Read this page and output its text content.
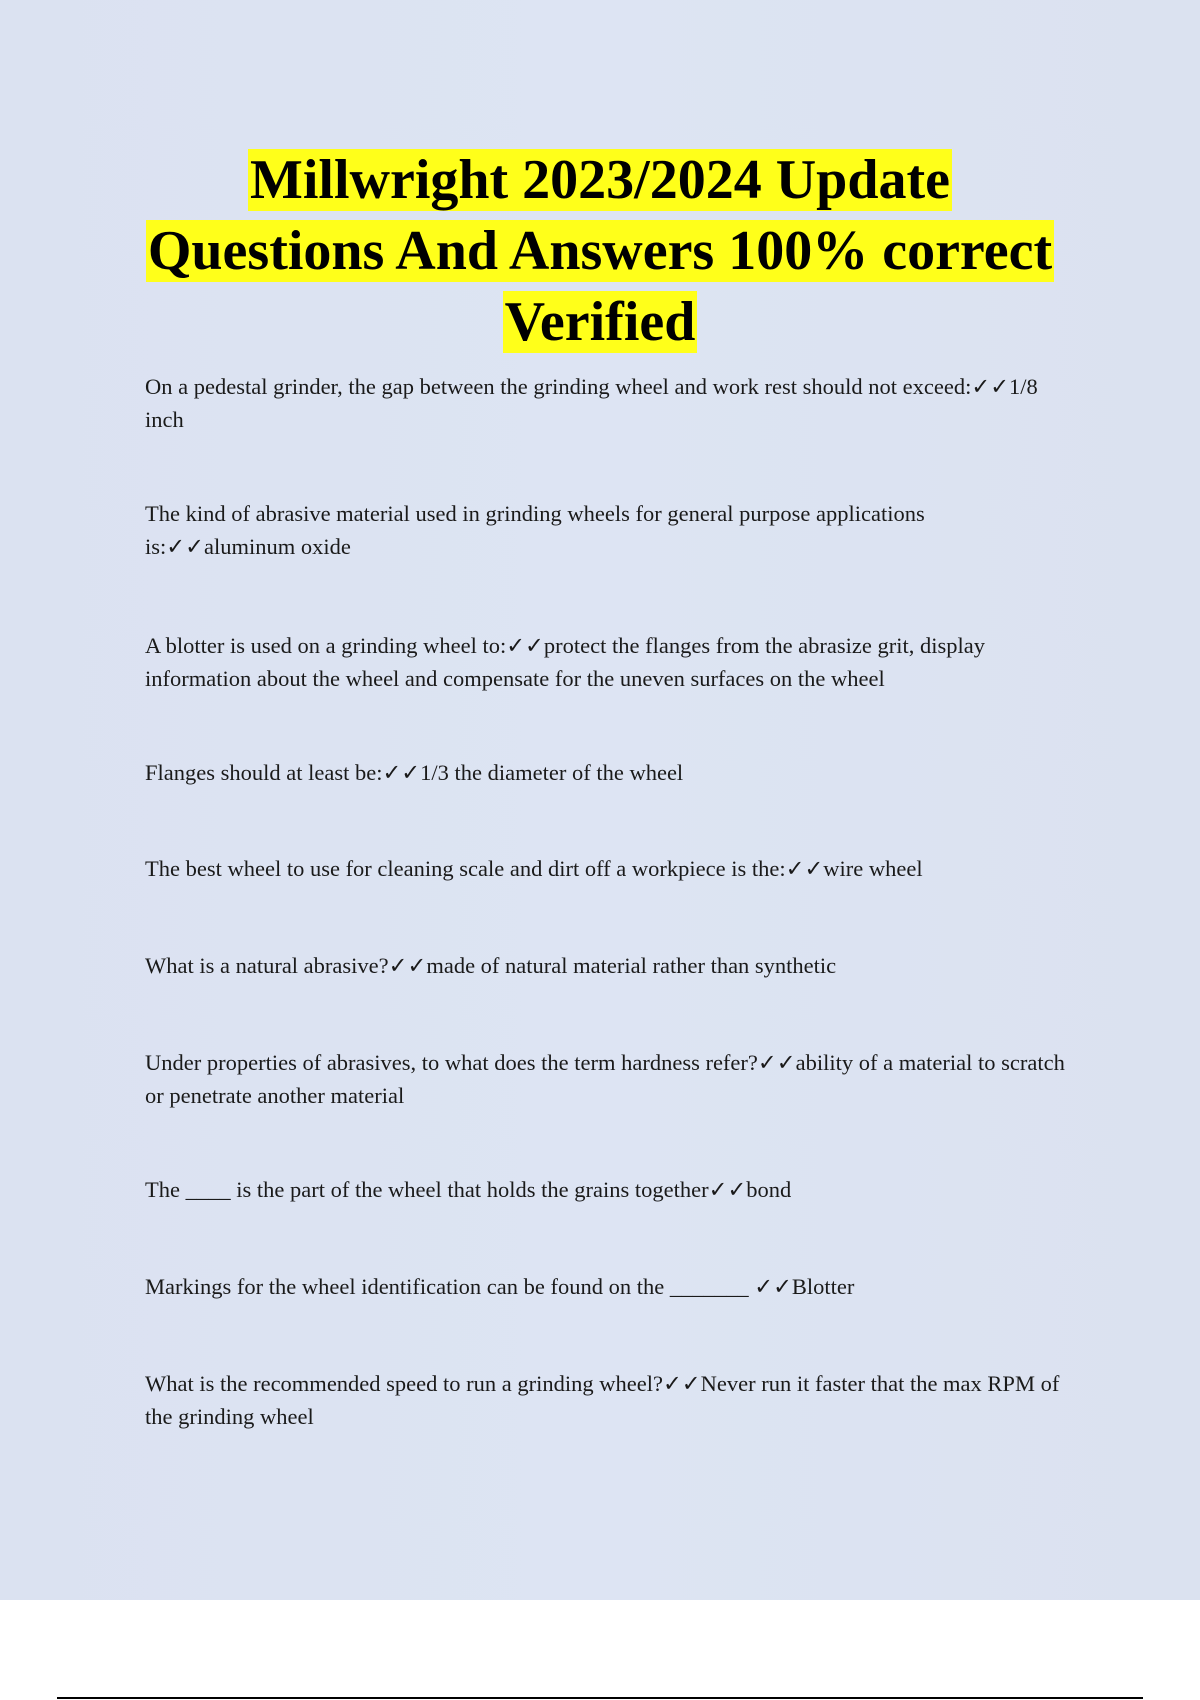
Millwright 2023/2024 Update
Questions And Answers 100% correct
Verified
On a pedestal grinder, the gap between the grinding wheel and work rest should not exceed:✓✓1/8 inch
The kind of abrasive material used in grinding wheels for general purpose applications is:✓✓aluminum oxide
A blotter is used on a grinding wheel to:✓✓protect the flanges from the abrasize grit, display information about the wheel and compensate for the uneven surfaces on the wheel
Flanges should at least be:✓✓1/3 the diameter of the wheel
The best wheel to use for cleaning scale and dirt off a workpiece is the:✓✓wire wheel
What is a natural abrasive?✓✓made of natural material rather than synthetic
Under properties of abrasives, to what does the term hardness refer?✓✓ability of a material to scratch or penetrate another material
The ____ is the part of the wheel that holds the grains together✓✓bond
Markings for the wheel identification can be found on the _______ ✓✓Blotter
What is the recommended speed to run a grinding wheel?✓✓Never run it faster that the max RPM of the grinding wheel
